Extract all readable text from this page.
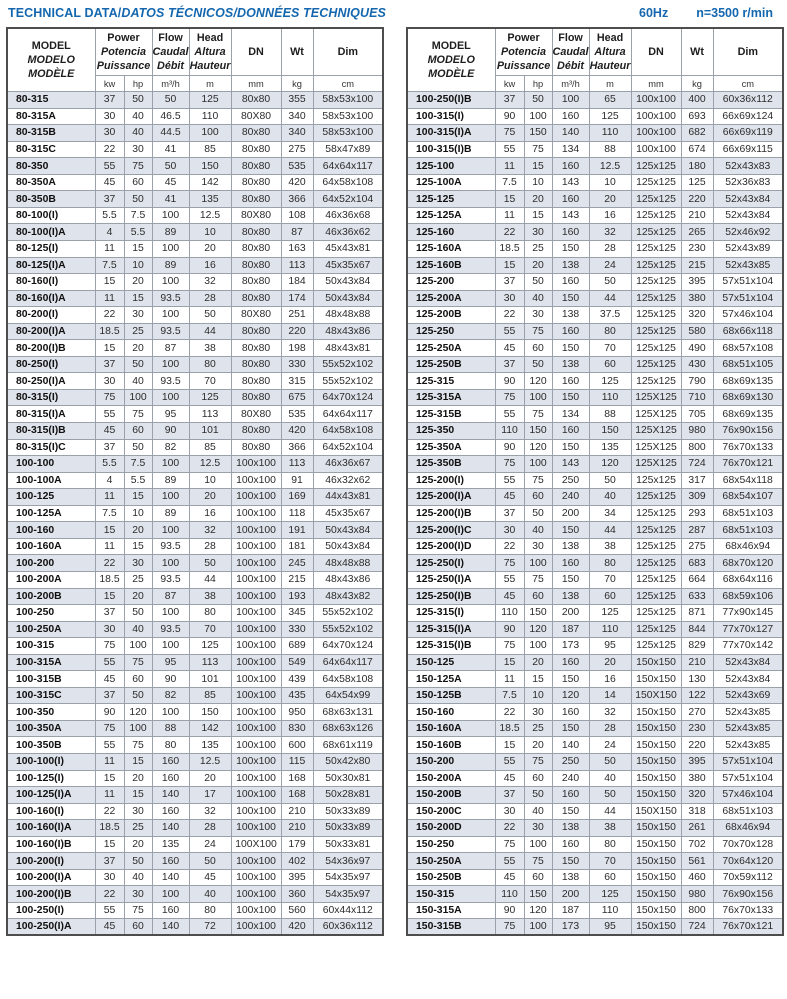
TECHNICAL DATA/DATOS TÉCNICOS/DONNÉES TECHNIQUES	60Hz n=3500 r/min
MODEL
MODELO
MODÈLE

Power
Potencia
Puissance

Flow
Caudal
Débit

Head
Altura
Hauteur
	DN	Wt	Dim
	kw	hp	m³/h	m	mm	kg	cm
80-315	37	50	50	125	80x80	355	58x53x100
80-315A	30	40	46.5	110	80X80	340	58x53x100
80-315B	30	40	44.5	100	80x80	340	58x53x100
80-315C	22	30	41	85	80x80	275	58x47x89
80-350	55	75	50	150	80x80	535	64x64x117
80-350A	45	60	45	142	80x80	420	64x58x108
80-350B	37	50	41	135	80x80	366	64x52x104
80-100(I)	5.5	7.5	100	12.5	80X80	108	46x36x68
80-100(I)A	4	5.5	89	10	80x80	87	46x36x62
80-125(I)	11	15	100	20	80x80	163	45x43x81
80-125(I)A	7.5	10	89	16	80x80	113	45x35x67
80-160(I)	15	20	100	32	80x80	184	50x43x84
80-160(I)A	11	15	93.5	28	80x80	174	50x43x84
80-200(I)	22	30	100	50	80X80	251	48x48x88
80-200(I)A	18.5	25	93.5	44	80x80	220	48x43x86
80-200(I)B	15	20	87	38	80x80	198	48x43x81
80-250(I)	37	50	100	80	80x80	330	55x52x102
80-250(I)A	30	40	93.5	70	80x80	315	55x52x102
80-315(I)	75	100	100	125	80x80	675	64x70x124
80-315(I)A	55	75	95	113	80X80	535	64x64x117
80-315(I)B	45	60	90	101	80x80	420	64x58x108
80-315(I)C	37	50	82	85	80x80	366	64x52x104
100-100	5.5	7.5	100	12.5	100x100	113	46x36x67
100-100A	4	5.5	89	10	100x100	91	46x32x62
100-125	11	15	100	20	100x100	169	44x43x81
100-125A	7.5	10	89	16	100x100	118	45x35x67
100-160	15	20	100	32	100x100	191	50x43x84
100-160A	11	15	93.5	28	100x100	181	50x43x84
100-200	22	30	100	50	100x100	245	48x48x88
100-200A	18.5	25	93.5	44	100x100	215	48x43x86
100-200B	15	20	87	38	100x100	193	48x43x82
100-250	37	50	100	80	100x100	345	55x52x102
100-250A	30	40	93.5	70	100x100	330	55x52x102
100-315	75	100	100	125	100x100	689	64x70x124
100-315A	55	75	95	113	100x100	549	64x64x117
100-315B	45	60	90	101	100x100	439	64x58x108
100-315C	37	50	82	85	100x100	435	64x54x99
100-350	90	120	100	150	100x100	950	68x63x131
100-350A	75	100	88	142	100x100	830	68x63x126
100-350B	55	75	80	135	100x100	600	68x61x119
100-100(I)	11	15	160	12.5	100x100	115	50x42x80
100-125(I)	15	20	160	20	100x100	168	50x30x81
100-125(I)A	11	15	140	17	100x100	168	50x28x81
100-160(I)	22	30	160	32	100x100	210	50x33x89
100-160(I)A	18.5	25	140	28	100x100	210	50x33x89
100-160(I)B	15	20	135	24	100X100	179	50x33x81
100-200(I)	37	50	160	50	100x100	402	54x36x97
100-200(I)A	30	40	140	45	100x100	395	54x35x97
100-200(I)B	22	30	100	40	100x100	360	54x35x97
100-250(I)	55	75	160	80	100x100	560	60x44x112
100-250(I)A	45	60	140	72	100x100	420	60x36x112
MODEL
MODELO
MODÈLE

Power
Potencia
Puissance

Flow
Caudal
Débit

Head
Altura
Hauteur
	DN	Wt	Dim
	kw	hp	m³/h	m	mm	kg	cm
100-250(I)B	37	50	100	65	100x100	400	60x36x112
100-315(I)	90	100	160	125	100x100	693	66x69x124
100-315(I)A	75	150	140	110	100x100	682	66x69x119
100-315(I)B	55	75	134	88	100x100	674	66x69x115
125-100	11	15	160	12.5	125x125	180	52x43x83
125-100A	7.5	10	143	10	125x125	125	52x36x83
125-125	15	20	160	20	125x125	220	52x43x84
125-125A	11	15	143	16	125x125	210	52x43x84
125-160	22	30	160	32	125x125	265	52x46x92
125-160A	18.5	25	150	28	125x125	230	52x43x89
125-160B	15	20	138	24	125x125	215	52x43x85
125-200	37	50	160	50	125x125	395	57x51x104
125-200A	30	40	150	44	125x125	380	57x51x104
125-200B	22	30	138	37.5	125x125	320	57x46x104
125-250	55	75	160	80	125x125	580	68x66x118
125-250A	45	60	150	70	125x125	490	68x57x108
125-250B	37	50	138	60	125x125	430	68x51x105
125-315	90	120	160	125	125x125	790	68x69x135
125-315A	75	100	150	110	125X125	710	68x69x130
125-315B	55	75	134	88	125X125	705	68x69x135
125-350	110	150	160	150	125X125	980	76x90x156
125-350A	90	120	150	135	125X125	800	76x70x133
125-350B	75	100	143	120	125X125	724	76x70x121
125-200(I)	55	75	250	50	125x125	317	68x54x118
125-200(I)A	45	60	240	40	125x125	309	68x54x107
125-200(I)B	37	50	200	34	125x125	293	68x51x103
125-200(I)C	30	40	150	44	125x125	287	68x51x103
125-200(I)D	22	30	138	38	125x125	275	68x46x94
125-250(I)	75	100	160	80	125x125	683	68x70x120
125-250(I)A	55	75	150	70	125x125	664	68x64x116
125-250(I)B	45	60	138	60	125x125	633	68x59x106
125-315(I)	110	150	200	125	125x125	871	77x90x145
125-315(I)A	90	120	187	110	125x125	844	77x70x127
125-315(I)B	75	100	173	95	125x125	829	77x70x142
150-125	15	20	160	20	150x150	210	52x43x84
150-125A	11	15	150	16	150x150	130	52x43x84
150-125B	7.5	10	120	14	150X150	122	52x43x69
150-160	22	30	160	32	150x150	270	52x43x85
150-160A	18.5	25	150	28	150x150	230	52x43x85
150-160B	15	20	140	24	150x150	220	52x43x85
150-200	55	75	250	50	150x150	395	57x51x104
150-200A	45	60	240	40	150x150	380	57x51x104
150-200B	37	50	160	50	150x150	320	57x46x104
150-200C	30	40	150	44	150X150	318	68x51x103
150-200D	22	30	138	38	150x150	261	68x46x94
150-250	75	100	160	80	150x150	702	70x70x128
150-250A	55	75	150	70	150x150	561	70x64x120
150-250B	45	60	138	60	150x150	460	70x59x112
150-315	110	150	200	125	150x150	980	76x90x156
150-315A	90	120	187	110	150x150	800	76x70x133
150-315B	75	100	173	95	150x150	724	76x70x121
